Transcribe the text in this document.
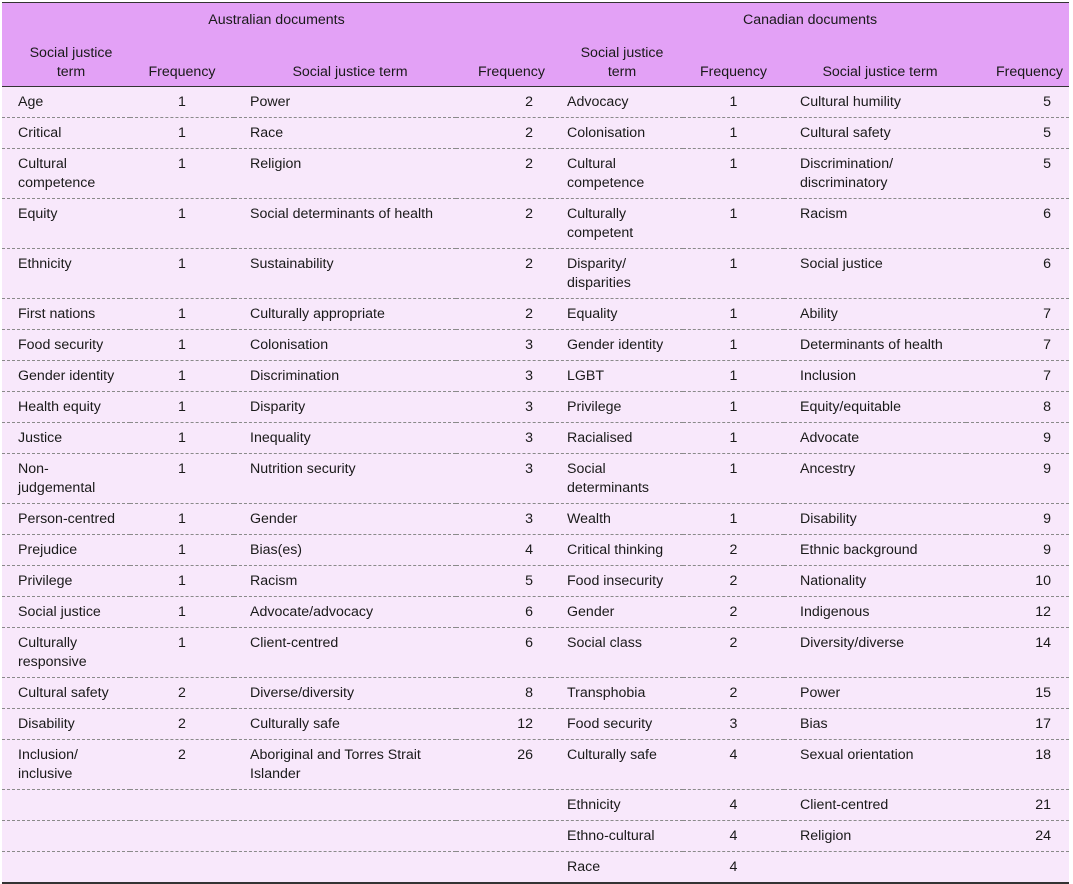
Australian documents				Canadian documents			
Social justice term	Frequency	Social justice term	Frequency	Social justice term	Frequency	Social justice term	Frequency
Age	1	Power	2	Advocacy	1	Cultural humility	5
Critical	1	Race	2	Colonisation	1	Cultural safety	5
Cultural competence	1	Religion	2	Cultural competence	1	Discrimination/ discriminatory	5
Equity	1	Social determinants of health	2	Culturally competent	1	Racism	6
Ethnicity	1	Sustainability	2	Disparity/ disparities	1	Social justice	6
First nations	1	Culturally appropriate	2	Equality	1	Ability	7
Food security	1	Colonisation	3	Gender identity	1	Determinants of health	7
Gender identity	1	Discrimination	3	LGBT	1	Inclusion	7
Health equity	1	Disparity	3	Privilege	1	Equity/equitable	8
Justice	1	Inequality	3	Racialised	1	Advocate	9
Non-judgemental	1	Nutrition security	3	Social determinants	1	Ancestry	9
Person-centred	1	Gender	3	Wealth	1	Disability	9
Prejudice	1	Bias(es)	4	Critical thinking	2	Ethnic background	9
Privilege	1	Racism	5	Food insecurity	2	Nationality	10
Social justice	1	Advocate/advocacy	6	Gender	2	Indigenous	12
Culturally responsive	1	Client-centred	6	Social class	2	Diversity/diverse	14
Cultural safety	2	Diverse/diversity	8	Transphobia	2	Power	15
Disability	2	Culturally safe	12	Food security	3	Bias	17
Inclusion/ inclusive	2	Aboriginal and Torres Strait Islander	26	Culturally safe	4	Sexual orientation	18
				Ethnicity	4	Client-centred	21
				Ethno-cultural	4	Religion	24
				Race	4		
